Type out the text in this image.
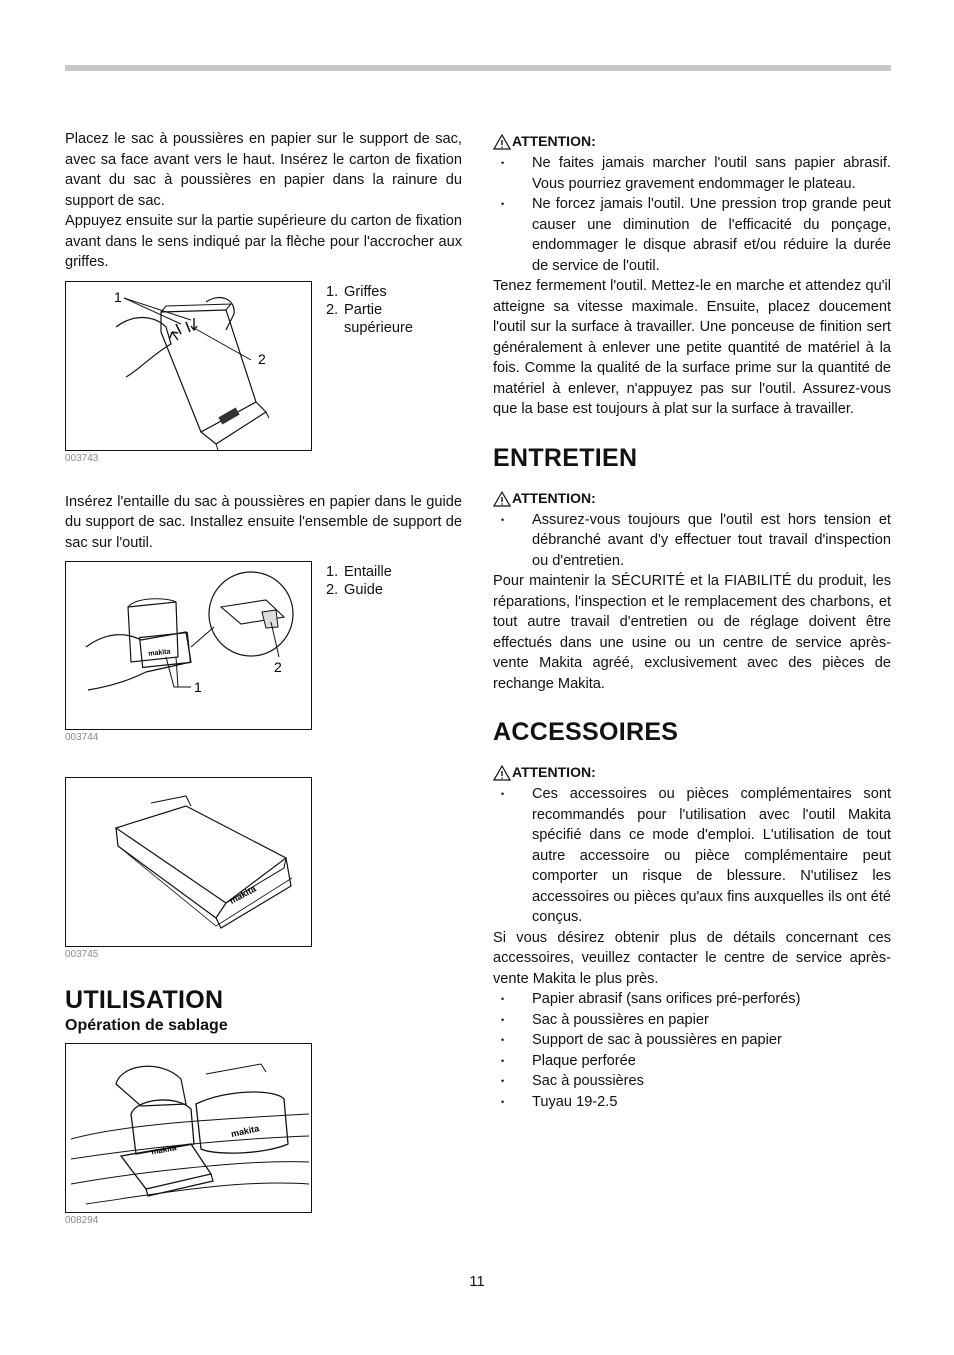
Placez le sac à poussières en papier sur le support de sac, avec sa face avant vers le haut. Insérez le carton de fixation avant du sac à poussières en papier dans la rainure du support de sac.

Appuyez ensuite sur la partie supérieure du carton de fixation avant dans le sens indiqué par la flèche pour l'accrocher aux griffes.

1
2
1. Griffes
2. Partie supérieure
003743

Insérez l'entaille du sac à poussières en papier dans le guide du support de sac. Installez ensuite l'ensemble de support de sac sur l'outil.

makita
2
1
1. Entaille
2. Guide
003744
makita
003745
UTILISATION
Opération de sablage
makita
makita
008294
ATTENTION:
• Ne faites jamais marcher l'outil sans papier abrasif. Vous pourriez gravement endommager le plateau.
• Ne forcez jamais l'outil. Une pression trop grande peut causer une diminution de l'efficacité du ponçage, endommager le disque abrasif et/ou réduire la durée de service de l'outil.

Tenez fermement l'outil. Mettez-le en marche et attendez qu'il atteigne sa vitesse maximale. Ensuite, placez doucement l'outil sur la surface à travailler. Une ponceuse de finition sert généralement à enlever une petite quantité de matériel à la fois. Comme la qualité de la surface prime sur la quantité de matériel à enlever, n'appuyez pas sur l'outil. Assurez-vous que la base est toujours à plat sur la surface à travailler.

ENTRETIEN
ATTENTION:
• Assurez-vous toujours que l'outil est hors tension et débranché avant d'y effectuer tout travail d'inspection ou d'entretien.

Pour maintenir la SÉCURITÉ et la FIABILITÉ du produit, les réparations, l'inspection et le remplacement des charbons, et tout autre travail d'entretien ou de réglage doivent être effectués dans une usine ou un centre de service après-vente Makita agréé, exclusivement avec des pièces de rechange Makita.

ACCESSOIRES
ATTENTION:
• Ces accessoires ou pièces complémentaires sont recommandés pour l'utilisation avec l'outil Makita spécifié dans ce mode d'emploi. L'utilisation de tout autre accessoire ou pièce complémentaire peut comporter un risque de blessure. N'utilisez les accessoires ou pièces qu'aux fins auxquelles ils ont été conçus.

Si vous désirez obtenir plus de détails concernant ces accessoires, veuillez contacter le centre de service après-vente Makita le plus près.

• Papier abrasif (sans orifices pré-perforés)
• Sac à poussières en papier
• Support de sac à poussières en papier
• Plaque perforée
• Sac à poussières
• Tuyau 19-2.5
11
